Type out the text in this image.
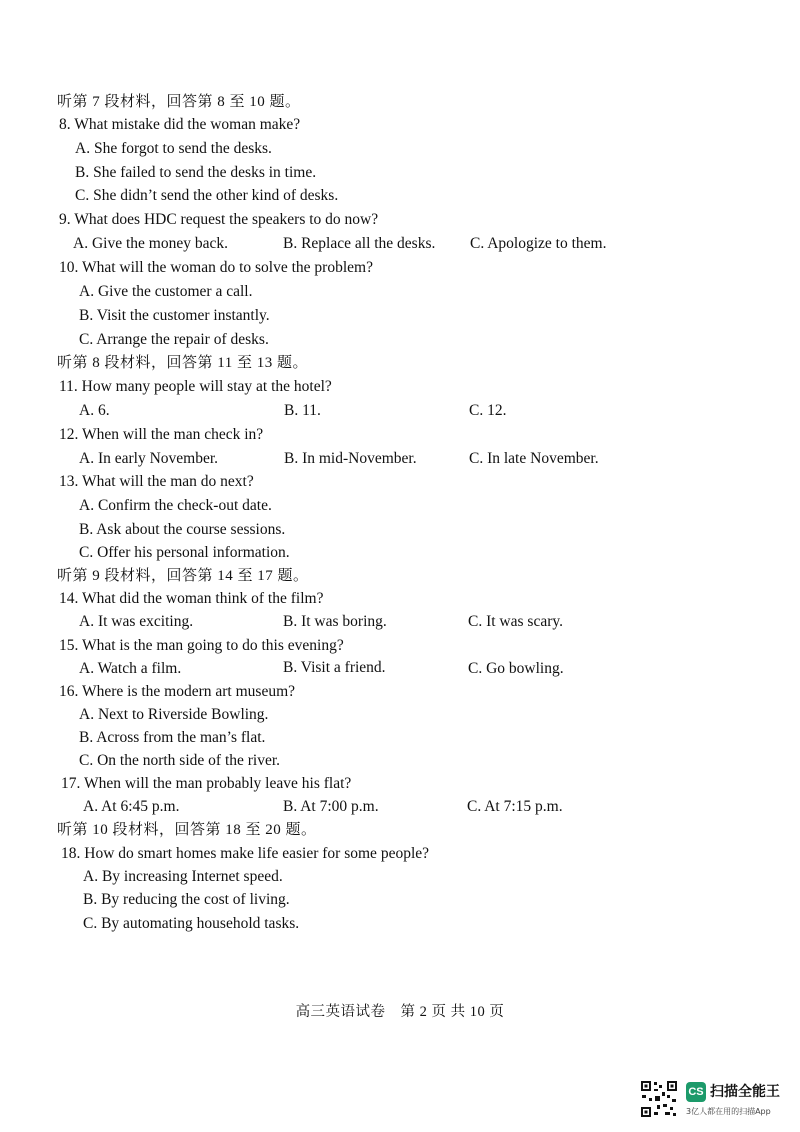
听第 7 段材料，回答第 8 至 10 题。
8. What mistake did the woman make?
A. She forgot to send the desks.
B. She failed to send the desks in time.
C. She didn’t send the other kind of desks.
9. What does HDC request the speakers to do now?
A. Give the money back.	B. Replace all the desks. C. Apologize to them.
10. What will the woman do to solve the problem?
A. Give the customer a call.
B. Visit the customer instantly.
C. Arrange the repair of desks.
听第 8 段材料，回答第 11 至 13 题。
11. How many people will stay at the hotel?
A. 6.	B. 11.	C. 12.
12. When will the man check in?
A. In early November.	B. In mid-November.	C. In late November.
13. What will the man do next?
A. Confirm the check-out date.
B. Ask about the course sessions.
C. Offer his personal information.
听第 9 段材料，回答第 14 至 17 题。
14. What did the woman think of the film?
A. It was exciting.	B. It was boring.	C. It was scary.
15. What is the man going to do this evening?
A. Watch a film.	B. Visit a friend.	C. Go bowling.
16. Where is the modern art museum?
A. Next to Riverside Bowling.
B. Across from the man’s flat.
C. On the north side of the river.
17. When will the man probably leave his flat?
A. At 6:45 p.m.	B. At 7:00 p.m.	C. At 7:15 p.m.
听第 10 段材料，回答第 18 至 20 题。
18. How do smart homes make life easier for some people?
A. By increasing Internet speed.
B. By reducing the cost of living.
C. By automating household tasks.
高三英语试卷　第 2 页 共 10 页
CS 扫描全能王
3亿人都在用的扫描App
